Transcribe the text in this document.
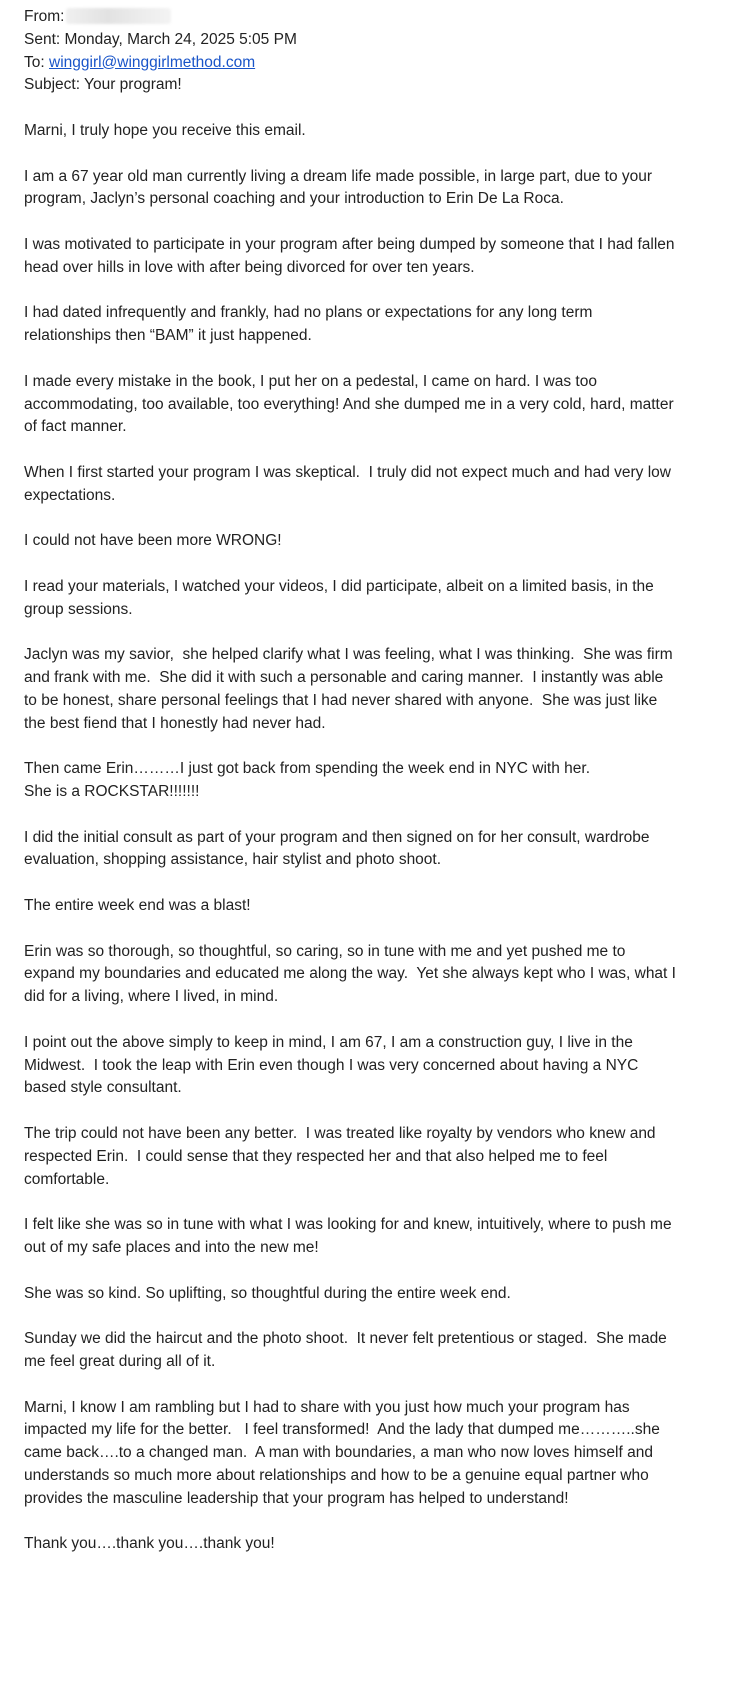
From:
Sent: Monday, March 24, 2025 5:05 PM
To: winggirl@winggirlmethod.com
Subject: Your program!

Marni, I truly hope you receive this email.

I am a 67 year old man currently living a dream life made possible, in large part, due to your program, Jaclyn’s personal coaching and your introduction to Erin De La Roca.

I was motivated to participate in your program after being dumped by someone that I had fallen head over hills in love with after being divorced for over ten years.

I had dated infrequently and frankly, had no plans or expectations for any long term relationships then “BAM” it just happened.

I made every mistake in the book, I put her on a pedestal, I came on hard. I was too accommodating, too available, too everything! And she dumped me in a very cold, hard, matter of fact manner.

When I first started your program I was skeptical.  I truly did not expect much and had very low expectations.

I could not have been more WRONG!

I read your materials, I watched your videos, I did participate, albeit on a limited basis, in the group sessions.

Jaclyn was my savior,  she helped clarify what I was feeling, what I was thinking.  She was firm and frank with me.  She did it with such a personable and caring manner.  I instantly was able to be honest, share personal feelings that I had never shared with anyone.  She was just like the best fiend that I honestly had never had.

Then came Erin………I just got back from spending the week end in NYC with her.
She is a ROCKSTAR!!!!!!!

I did the initial consult as part of your program and then signed on for her consult, wardrobe evaluation, shopping assistance, hair stylist and photo shoot.

The entire week end was a blast!

Erin was so thorough, so thoughtful, so caring, so in tune with me and yet pushed me to expand my boundaries and educated me along the way.  Yet she always kept who I was, what I did for a living, where I lived, in mind.

I point out the above simply to keep in mind, I am 67, I am a construction guy, I live in the Midwest.  I took the leap with Erin even though I was very concerned about having a NYC based style consultant.

The trip could not have been any better.  I was treated like royalty by vendors who knew and respected Erin.  I could sense that they respected her and that also helped me to feel comfortable.

I felt like she was so in tune with what I was looking for and knew, intuitively, where to push me out of my safe places and into the new me!

She was so kind. So uplifting, so thoughtful during the entire week end.

Sunday we did the haircut and the photo shoot.  It never felt pretentious or staged.  She made me feel great during all of it.

Marni, I know I am rambling but I had to share with you just how much your program has impacted my life for the better.   I feel transformed!  And the lady that dumped me………..she came back….to a changed man.  A man with boundaries, a man who now loves himself and understands so much more about relationships and how to be a genuine equal partner who provides the masculine leadership that your program has helped to understand!

Thank you….thank you….thank you!
